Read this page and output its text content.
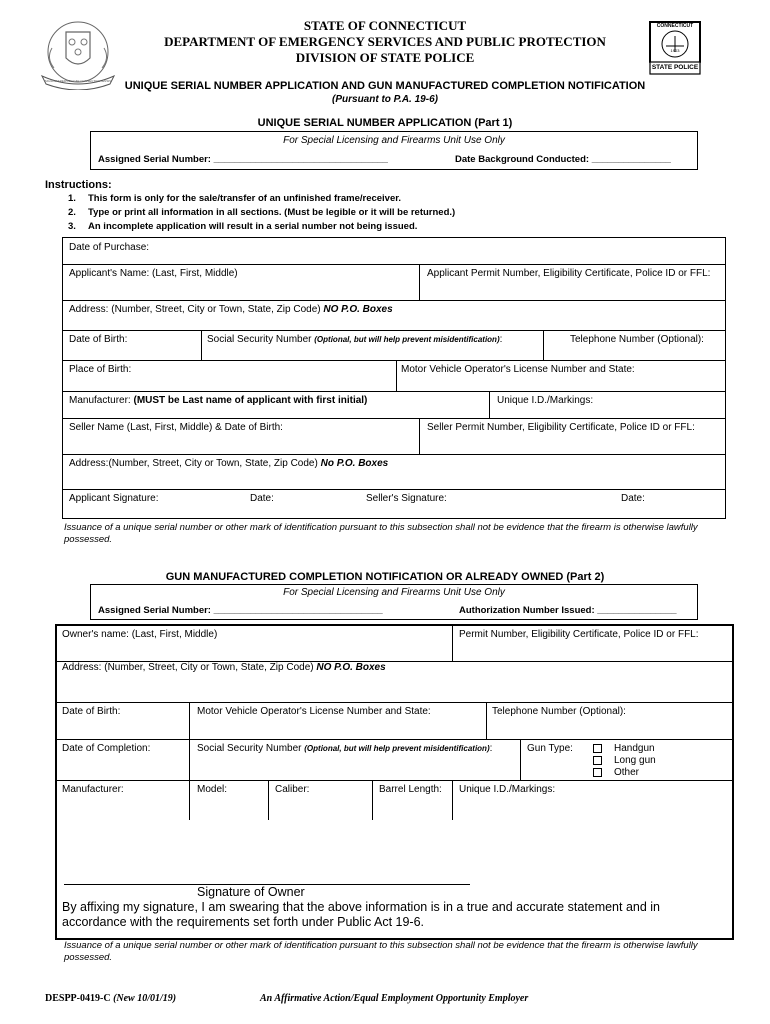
SIGILLUM REIPUBLICAE CONNECTICUTENSIS
STATE OF CONNECTICUT
DEPARTMENT OF EMERGENCY SERVICES AND PUBLIC PROTECTION
DIVISION OF STATE POLICE
CONNECTICUT
1903
STATE POLICE
UNIQUE SERIAL NUMBER APPLICATION AND GUN MANUFACTURED COMPLETION NOTIFICATION
(Pursuant to P.A. 19-6)
UNIQUE SERIAL NUMBER APPLICATION (Part 1)
For Special Licensing and Firearms Unit Use Only
Assigned Serial Number: _________________________________	Date Background Conducted: _______________
Instructions:
1. This form is only for the sale/transfer of an unfinished frame/receiver.
2. Type or print all information in all sections. (Must be legible or it will be returned.)
3. An incomplete application will result in a serial number not being issued.
Date of Purchase:
Applicant's Name: (Last, First, Middle)	Applicant Permit Number, Eligibility Certificate, Police ID or FFL:
Address: (Number, Street, City or Town, State, Zip Code) NO P.O. Boxes
Date of Birth:	Social Security Number (Optional, but will help prevent misidentification):	Telephone Number (Optional):
Place of Birth:	Motor Vehicle Operator's License Number and State:
Manufacturer: (MUST be Last name of applicant with first initial)	Unique I.D./Markings:
Seller Name (Last, First, Middle) & Date of Birth:	Seller Permit Number, Eligibility Certificate, Police ID or FFL:
Address:(Number, Street, City or Town, State, Zip Code) No P.O. Boxes
Applicant Signature:	Date:	Seller's Signature:	Date:
Issuance of a unique serial number or other mark of identification pursuant to this subsection shall not be evidence that the firearm is otherwise lawfully possessed.
GUN MANUFACTURED COMPLETION NOTIFICATION OR ALREADY OWNED (Part 2)
For Special Licensing and Firearms Unit Use Only
Assigned Serial Number: ________________________________	Authorization Number Issued: _______________
Owner's name: (Last, First, Middle)	Permit Number, Eligibility Certificate, Police ID or FFL:
Address: (Number, Street, City or Town, State, Zip Code) NO P.O. Boxes
Date of Birth:	Motor Vehicle Operator's License Number and State:	Telephone Number (Optional):
Date of Completion:	Social Security Number (Optional, but will help prevent misidentification):	Gun Type:	Handgun
Long gun
Other
Manufacturer:	Model:	Caliber:	Barrel Length: Unique I.D./Markings:
Signature of Owner
By affixing my signature, I am swearing that the above information is in a true and accurate statement and in accordance with the requirements set forth under Public Act 19-6.
Issuance of a unique serial number or other mark of identification pursuant to this subsection shall not be evidence that the firearm is otherwise lawfully possessed.
DESPP-0419-C (New 10/01/19)	An Affirmative Action/Equal Employment Opportunity Employer
